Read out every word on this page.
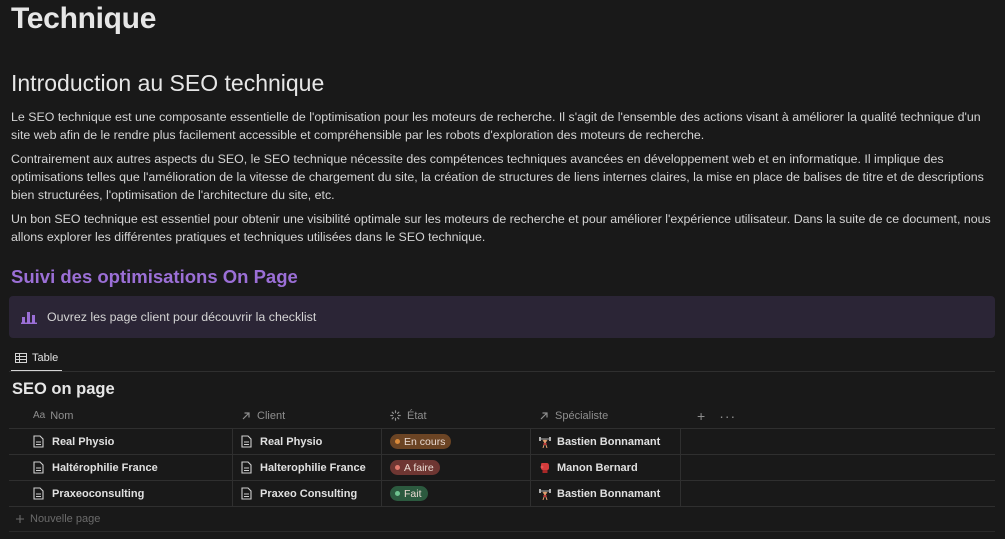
Technique
Introduction au SEO technique
Le SEO technique est une composante essentielle de l'optimisation pour les moteurs de recherche. Il s'agit de l'ensemble des actions visant à améliorer la qualité technique d'un site web afin de le rendre plus facilement accessible et compréhensible par les robots d'exploration des moteurs de recherche.
Contrairement aux autres aspects du SEO, le SEO technique nécessite des compétences techniques avancées en développement web et en informatique. Il implique des optimisations telles que l'amélioration de la vitesse de chargement du site, la création de structures de liens internes claires, la mise en place de balises de titre et de descriptions bien structurées, l'optimisation de l'architecture du site, etc.
Un bon SEO technique est essentiel pour obtenir une visibilité optimale sur les moteurs de recherche et pour améliorer l'expérience utilisateur. Dans la suite de ce document, nous allons explorer les différentes pratiques et techniques utilisées dans le SEO technique.
Suivi des optimisations On Page
Ouvrez les page client pour découvrir la checklist
Table
SEO on page
Aa Nom	Client	État	Spécialiste	+ ···
Real Physio	Real Physio	En cours	Bastien Bonnamant
Haltérophilie France	Halterophilie France	A faire	Manon Bernard
Praxeoconsulting	Praxeo Consulting	Fait	Bastien Bonnamant
Nouvelle page
